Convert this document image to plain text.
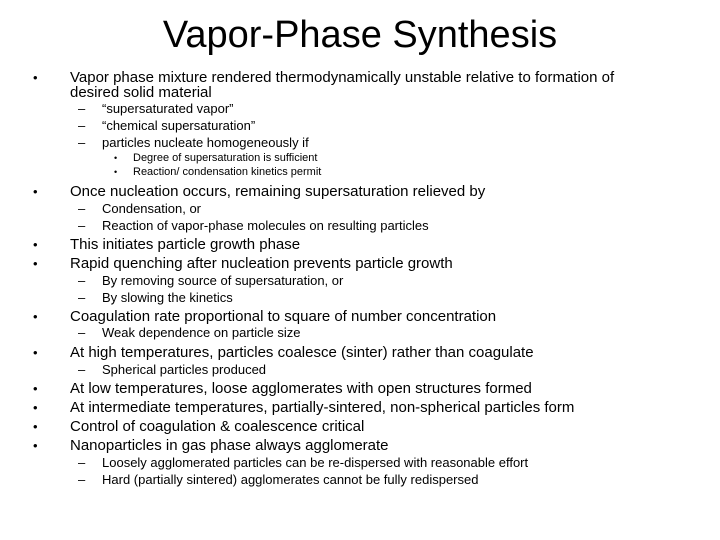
Vapor-Phase Synthesis
•
•
•
•
•
•
•
•
•
•
–
–
–
–
–
–
–
–
–
–
–
•
•
Vapor phase mixture rendered thermodynamically unstable relative to formation of
desired solid material
“supersaturated vapor”
“chemical supersaturation”
particles nucleate homogeneously if
Degree of supersaturation is sufficient
Reaction/ condensation kinetics permit
Once nucleation occurs, remaining supersaturation relieved by
Condensation, or
Reaction of vapor-phase molecules on resulting particles
This initiates particle growth phase
Rapid quenching after nucleation prevents particle growth
By removing source of supersaturation, or
By slowing the kinetics
Coagulation rate proportional to square of number concentration
Weak dependence on particle size
At high temperatures, particles coalesce (sinter) rather than coagulate
Spherical particles produced
At low temperatures, loose agglomerates with open structures formed
At intermediate temperatures, partially-sintered, non-spherical particles form
Control of coagulation & coalescence critical
Nanoparticles in gas phase always agglomerate
Loosely agglomerated particles can be re-dispersed with reasonable effort
Hard (partially sintered) agglomerates cannot be fully redispersed
